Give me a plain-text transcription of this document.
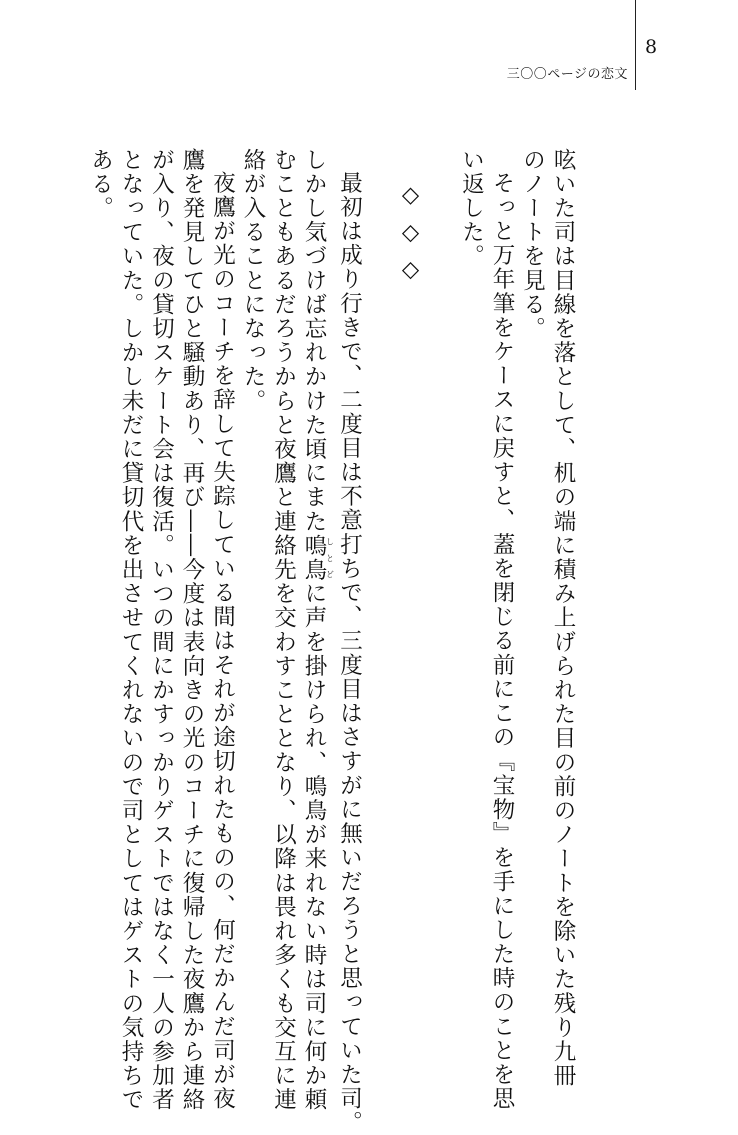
8
三〇〇ページの恋文
呟いた司は目線を落として、机の端に積み上げられた目の前のノートを除いた残り九冊
のノートを見る。
そっと万年筆をケースに戻すと、蓋を閉じる前にこの『宝物』を手にした時のことを思
い返した。
◇◇◇
最初は成り行きで、二度目は不意打ちで、三度目はさすがに無いだろうと思っていた司。
しかし気づけば忘れかけた頃にまた鳴鳥しとどに声を掛けられ、鳴鳥が来れない時は司に何か頼
むこともあるだろうからと夜鷹と連絡先を交わすこととなり、以降は畏れ多くも交互に連
絡が入ることになった。
夜鷹が光のコーチを辞して失踪している間はそれが途切れたものの、何だかんだ司が夜
鷹を発見してひと騒動あり、再び――今度は表向きの光のコーチに復帰した夜鷹から連絡
が入り、夜の貸切スケート会は復活。いつの間にかすっかりゲストではなく一人の参加者
となっていた。しかし未だに貸切代を出させてくれないので司としてはゲストの気持ちで
ある。
